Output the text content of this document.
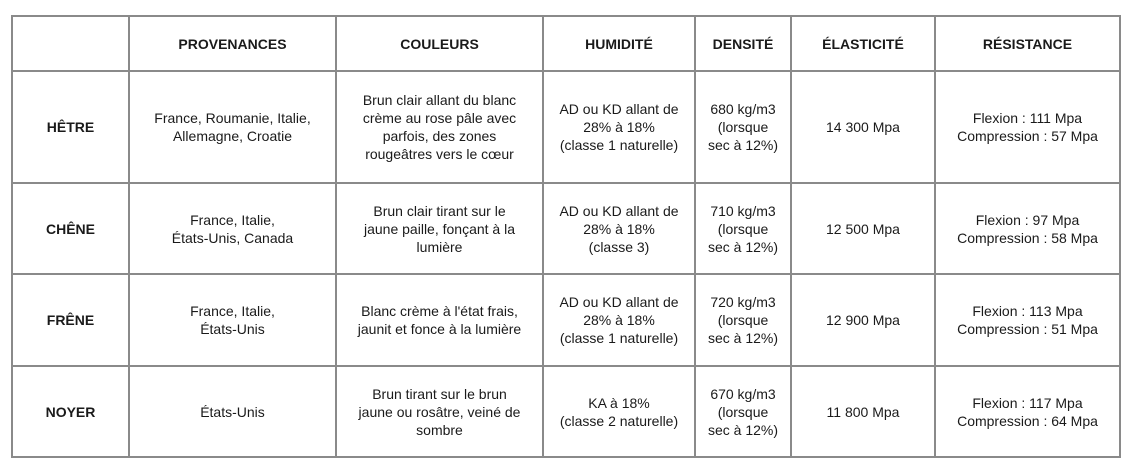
	PROVENANCES	COULEURS	HUMIDITÉ	DENSITÉ	ÉLASTICITÉ	RÉSISTANCE
HÊTRE	France, Roumanie, Italie,
Allemagne, Croatie	Brun clair allant du blanc
crème au rose pâle avec
parfois, des zones
rougeâtres vers le cœur	AD ou KD allant de
28% à 18%
(classe 1 naturelle)	680 kg/m3
(lorsque
sec à 12%)	14 300 Mpa	Flexion : 111 Mpa
Compression : 57 Mpa

CHÊNE	France, Italie,
États-Unis, Canada	Brun clair tirant sur le
jaune paille, fonçant à la
lumière	AD ou KD allant de
28% à 18%
(classe 3)	710 kg/m3
(lorsque
sec à 12%)	12 500 Mpa	Flexion : 97 Mpa
Compression : 58 Mpa

FRÊNE	France, Italie,
États-Unis	Blanc crème à l'état frais,
jaunit et fonce à la lumière	AD ou KD allant de
28% à 18%
(classe 1 naturelle)	720 kg/m3
(lorsque
sec à 12%)	12 900 Mpa	Flexion : 113 Mpa
Compression : 51 Mpa

NOYER	États-Unis	Brun tirant sur le brun
jaune ou rosâtre, veiné de
sombre	KA à 18%
(classe 2 naturelle)	670 kg/m3
(lorsque
sec à 12%)	11 800 Mpa	Flexion : 117 Mpa
Compression : 64 Mpa
